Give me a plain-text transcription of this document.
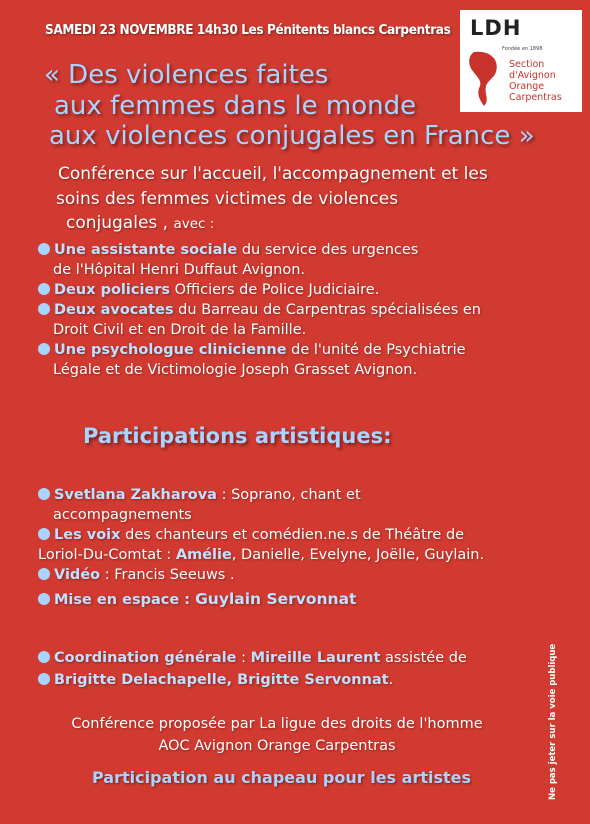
SAMEDI 23 NOVEMBRE 14h30 Les Pénitents blancs Carpentras LDH
Fondée en 1898
Section
d'Avignon
Orange
Carpentras
« Des violences faites
aux femmes dans le monde
aux violences conjugales en France »
Conférence sur l'accueil, l'accompagnement et les
soins des femmes victimes de violences
conjugales , avec :
Une assistante sociale du service des urgences
de l'Hôpital Henri Duffaut Avignon.
Deux policiers Officiers de Police Judiciaire.
Deux avocates du Barreau de Carpentras spécialisées en
Droit Civil et en Droit de la Famille.
Une psychologue clinicienne de l'unité de Psychiatrie
Légale et de Victimologie Joseph Grasset Avignon.
Participations artistiques:
Svetlana Zakharova : Soprano, chant et
accompagnements
Les voix des chanteurs et comédien.ne.s de Théâtre de
Loriol-Du-Comtat : Amélie, Danielle, Evelyne, Joëlle, Guylain.
Vidéo : Francis Seeuws .
Mise en espace : Guylain Servonnat
Coordination générale : Mireille Laurent assistée de
Brigitte Delachapelle, Brigitte Servonnat.
Conférence proposée par La ligue des droits de l'homme
AOC Avignon Orange Carpentras
Participation au chapeau pour les artistes	Ne pas jeter sur la voie publique
